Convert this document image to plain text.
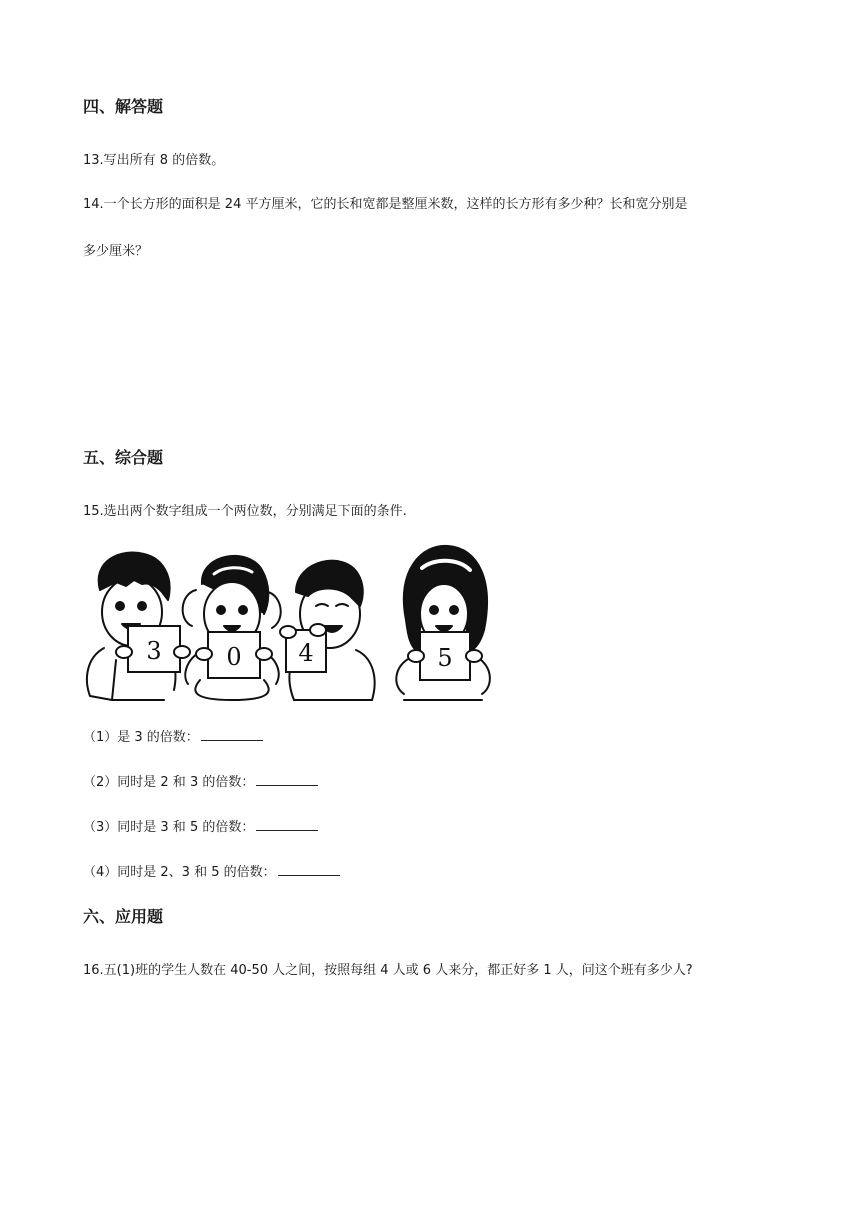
四、解答题
13.写出所有 8 的倍数。
14.一个长方形的面积是 24 平方厘米，它的长和宽都是整厘米数，这样的长方形有多少种？长和宽分别是
多少厘米？
五、综合题
15.选出两个数字组成一个两位数，分别满足下面的条件.
3	0 4	5
（1）是 3 的倍数：
（2）同时是 2 和 3 的倍数：
（3）同时是 3 和 5 的倍数：
（4）同时是 2、3 和 5 的倍数：
六、应用题
16.五(1)班的学生人数在 40-50 人之间，按照每组 4 人或 6 人来分，都正好多 1 人，问这个班有多少人?
